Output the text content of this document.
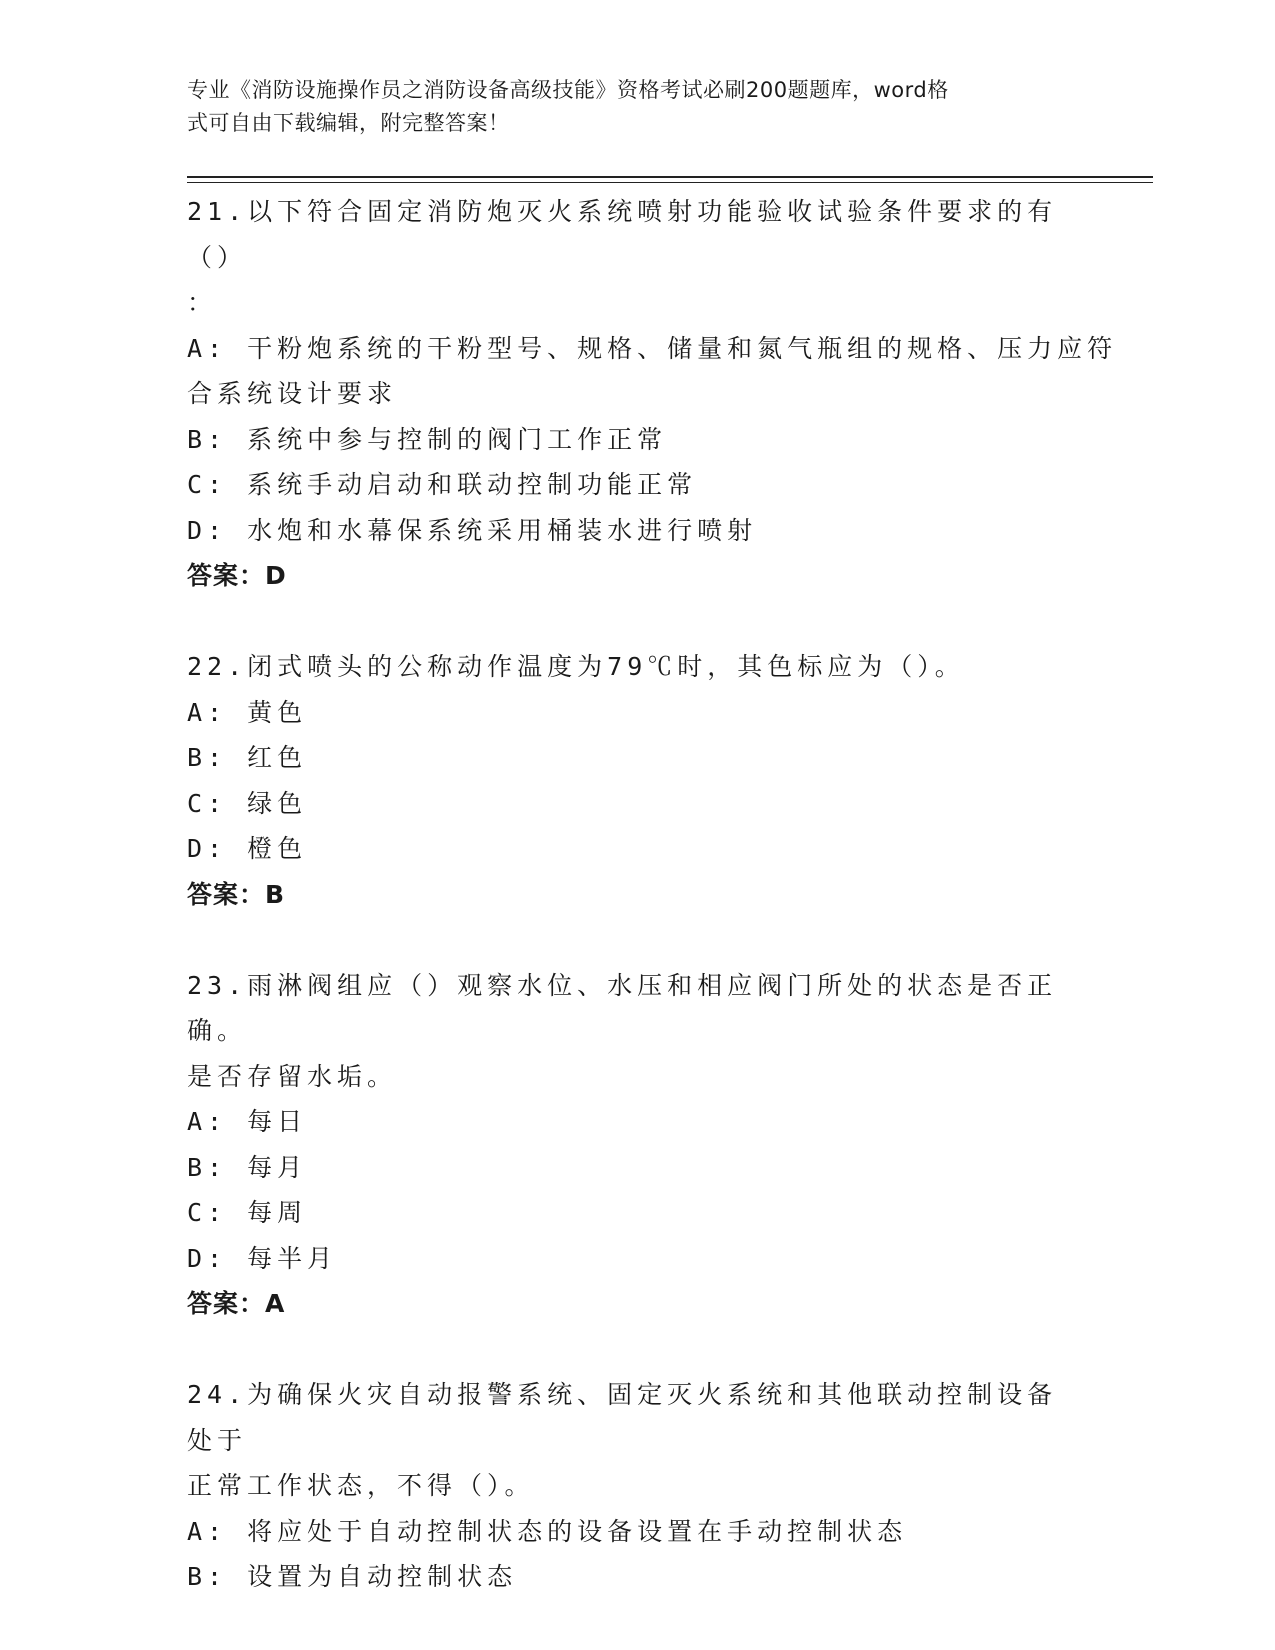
专业《消防设施操作员之消防设备高级技能》资格考试必刷200题题库，word格
式可自由下载编辑，附完整答案！
21.以下符合固定消防炮灭火系统喷射功能验收试验条件要求的有（）
：
A: 干粉炮系统的干粉型号、规格、储量和氮气瓶组的规格、压力应符
合系统设计要求
B: 系统中参与控制的阀门工作正常
C: 系统手动启动和联动控制功能正常
D: 水炮和水幕保系统采用桶装水进行喷射
答案：D
22.闭式喷头的公称动作温度为79℃时，其色标应为（）。
A: 黄色
B: 红色
C: 绿色
D: 橙色
答案：B
23.雨淋阀组应（）观察水位、水压和相应阀门所处的状态是否正确。
是否存留水垢。
A: 每日
B: 每月
C: 每周
D: 每半月
答案：A
24.为确保火灾自动报警系统、固定灭火系统和其他联动控制设备处于
正常工作状态，不得（）。
A: 将应处于自动控制状态的设备设置在手动控制状态
B: 设置为自动控制状态
